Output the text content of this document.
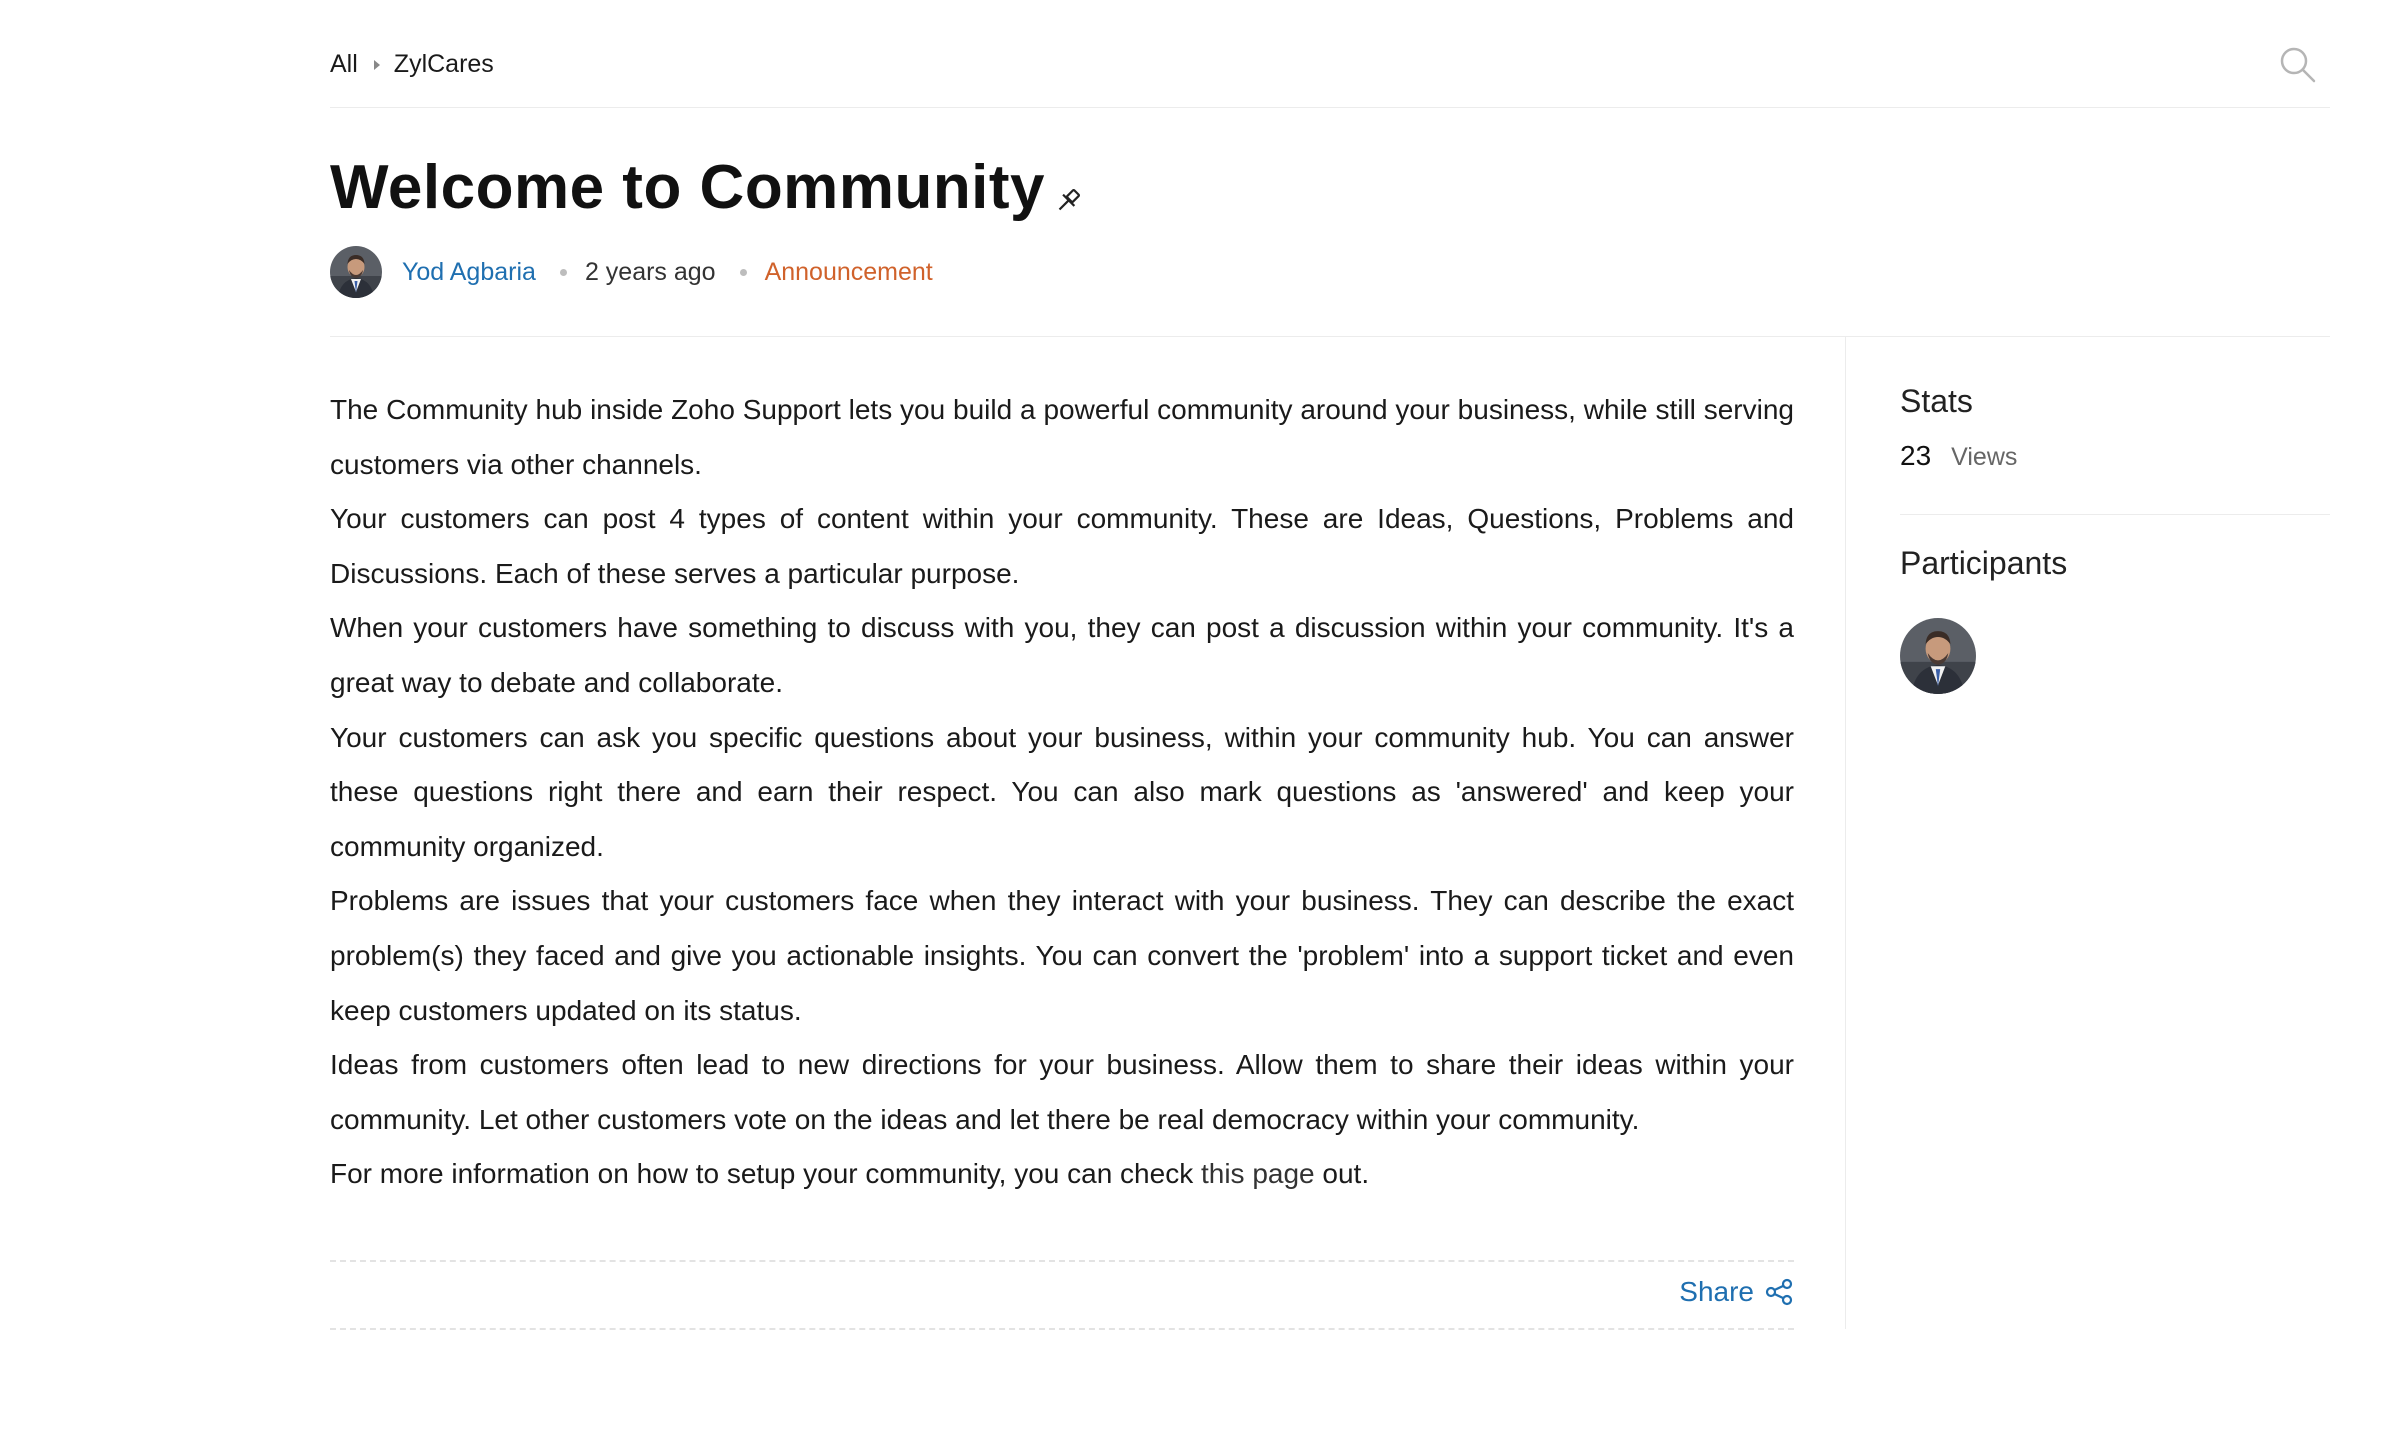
All ZylCares
Welcome to Community
Yod Agbaria 2 years ago Announcement

The Community hub inside Zoho Support lets you build a powerful community around your business, while still serving customers via other channels.

Your customers can post 4 types of content within your community. These are Ideas, Questions, Problems and Discussions. Each of these serves a particular purpose.

When your customers have something to discuss with you, they can post a discussion within your community. It's a great way to debate and collaborate.

Your customers can ask you specific questions about your business, within your community hub. You can answer these questions right there and earn their respect. You can also mark questions as 'answered' and keep your community organized.

Problems are issues that your customers face when they interact with your business. They can describe the exact problem(s) they faced and give you actionable insights. You can convert the 'problem' into a support ticket and even keep customers updated on its status.

Ideas from customers often lead to new directions for your business. Allow them to share their ideas within your community. Let other customers vote on the ideas and let there be real democracy within your community.

For more information on how to setup your community, you can check this page out.

Share
Stats
23 Views
Participants
